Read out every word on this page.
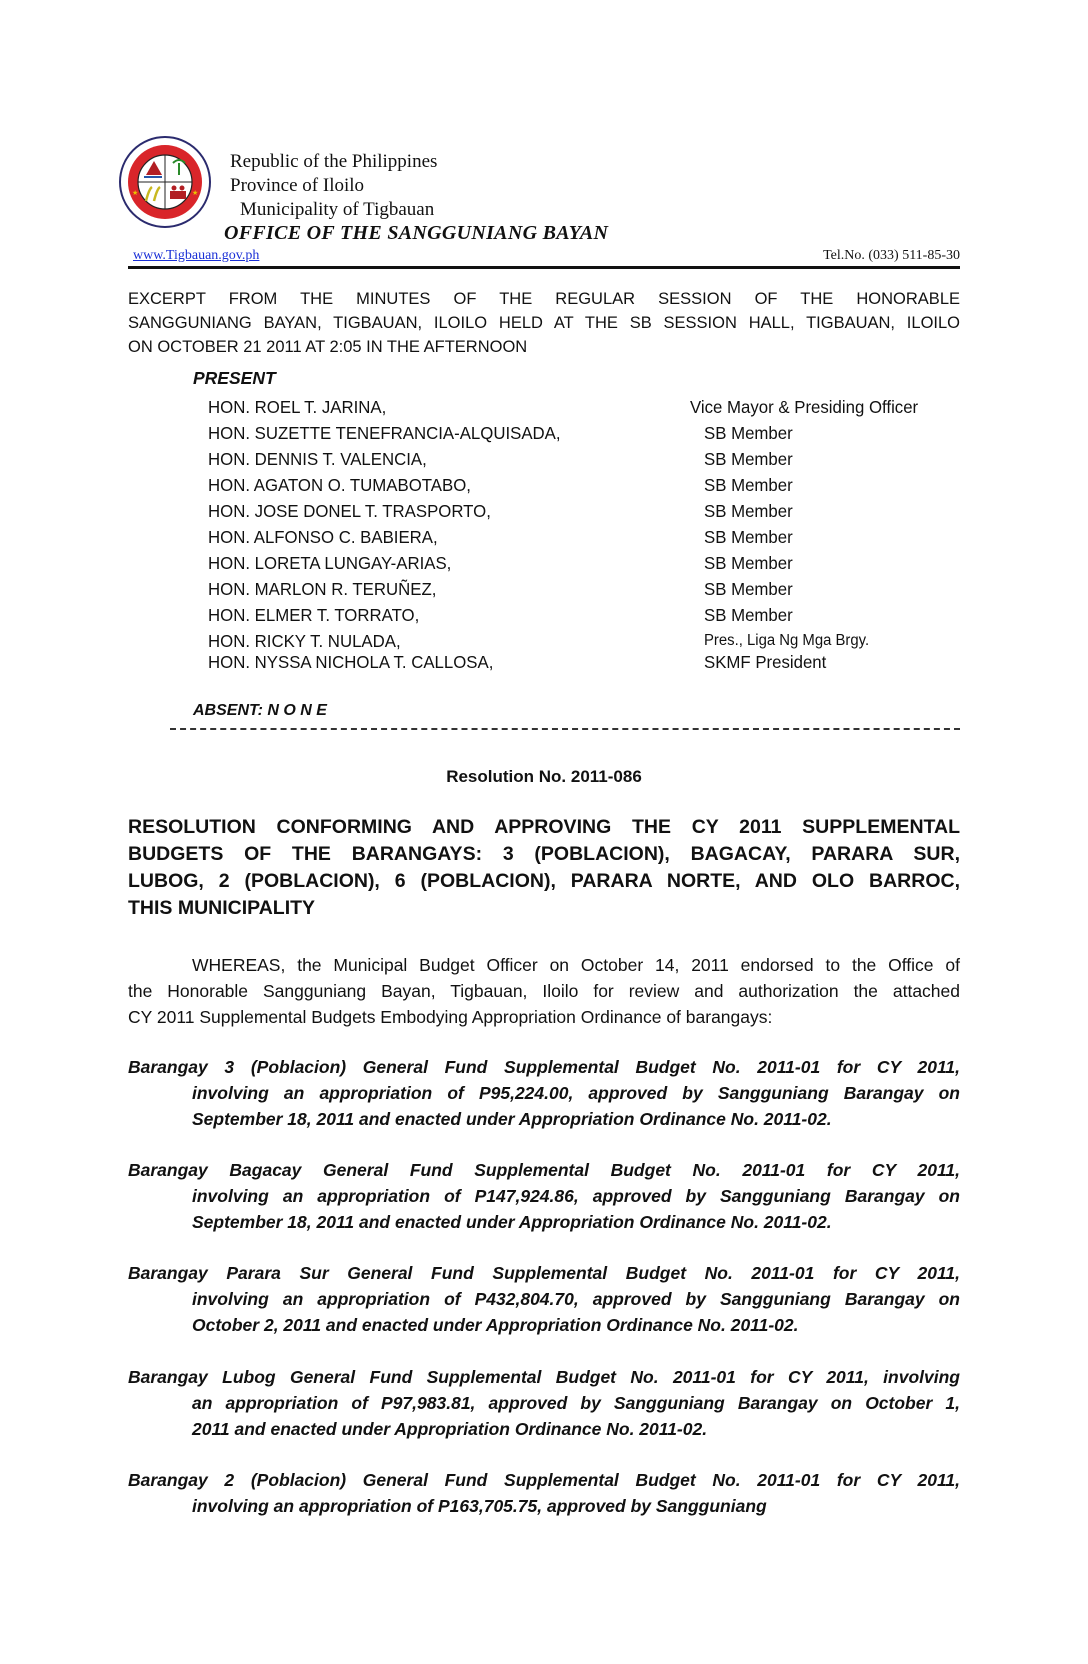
★	★
Republic of the Philippines
Province of Iloilo
Municipality of Tigbauan
OFFICE OF THE SANGGUNIANG BAYAN
www.Tigbauan.gov.ph	Tel.No. (033) 511-85-30
EXCERPT FROM THE MINUTES OF THE REGULAR SESSION OF THE HONORABLE
SANGGUNIANG BAYAN, TIGBAUAN, ILOILO HELD AT THE SB SESSION HALL, TIGBAUAN, ILOILO
ON OCTOBER 21 2011 AT 2:05 IN THE AFTERNOON
PRESENT
HON. ROEL T. JARINA,	Vice Mayor & Presiding Officer
HON. SUZETTE TENEFRANCIA-ALQUISADA,	SB Member
HON. DENNIS T. VALENCIA,	SB Member
HON. AGATON O. TUMABOTABO,	SB Member
HON. JOSE DONEL T. TRASPORTO,	SB Member
HON. ALFONSO C. BABIERA,	SB Member
HON. LORETA LUNGAY-ARIAS,	SB Member
HON. MARLON R. TERUÑEZ,	SB Member
HON. ELMER T. TORRATO,	SB Member
HON. RICKY T. NULADA,	Pres., Liga Ng Mga Brgy.
HON. NYSSA NICHOLA T. CALLOSA,	SKMF President
ABSENT: N O N E
Resolution No. 2011-086
RESOLUTION CONFORMING AND APPROVING THE CY 2011 SUPPLEMENTAL
BUDGETS OF THE BARANGAYS: 3 (POBLACION), BAGACAY, PARARA SUR,
LUBOG, 2 (POBLACION), 6 (POBLACION), PARARA NORTE, AND OLO BARROC,
THIS MUNICIPALITY
WHEREAS, the Municipal Budget Officer on October 14, 2011 endorsed to the Office of
the Honorable Sangguniang Bayan, Tigbauan, Iloilo for review and authorization the attached
CY 2011 Supplemental Budgets Embodying Appropriation Ordinance of barangays:
Barangay 3 (Poblacion) General Fund Supplemental Budget No. 2011-01 for CY 2011,
involving an appropriation of P95,224.00, approved by Sangguniang Barangay on
September 18, 2011 and enacted under Appropriation Ordinance No. 2011-02.
Barangay Bagacay General Fund Supplemental Budget No. 2011-01 for CY 2011,
involving an appropriation of P147,924.86, approved by Sangguniang Barangay on
September 18, 2011 and enacted under Appropriation Ordinance No. 2011-02.
Barangay Parara Sur General Fund Supplemental Budget No. 2011-01 for CY 2011,
involving an appropriation of P432,804.70, approved by Sangguniang Barangay on
October 2, 2011 and enacted under Appropriation Ordinance No. 2011-02.
Barangay Lubog General Fund Supplemental Budget No. 2011-01 for CY 2011, involving
an appropriation of P97,983.81, approved by Sangguniang Barangay on October 1,
2011 and enacted under Appropriation Ordinance No. 2011-02.
Barangay 2 (Poblacion) General Fund Supplemental Budget No. 2011-01 for CY 2011,
involving an appropriation of P163,705.75, approved by Sangguniang
